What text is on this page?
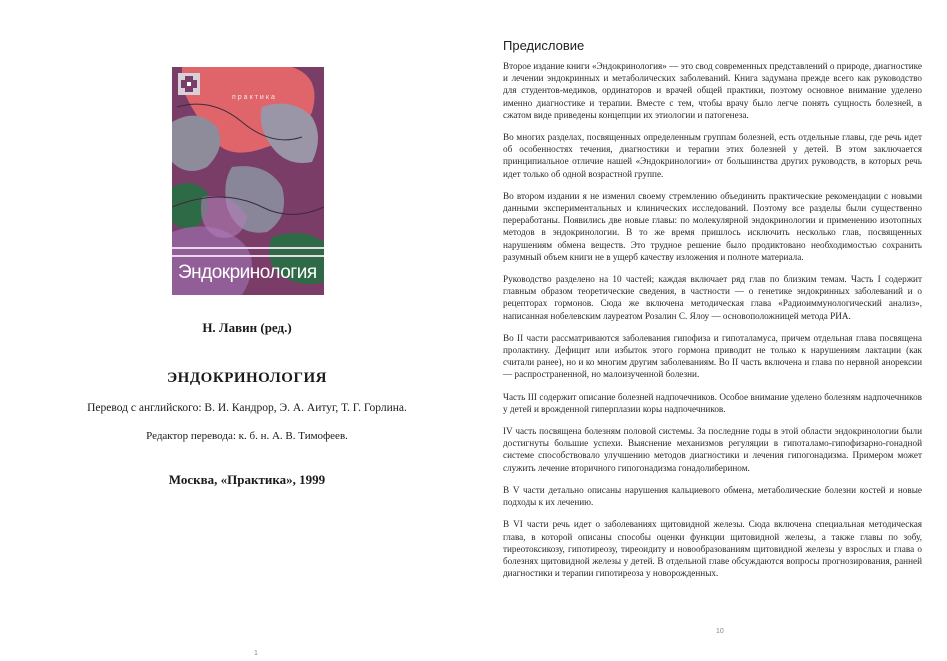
практика
Эндокринология
Н. Лавин (ред.)
ЭНДОКРИНОЛОГИЯ
Перевод с английского: В. И. Кандрор, Э. А. Аитуг, Т. Г. Горлина.
Редактор перевода: к. б. н. А. В. Тимофеев.
Москва, «Практика», 1999
1
Предисловие

Второе издание книги «Эндокринология» — это свод современных представлений о природе, диагностике и лечении эндокринных и метаболических заболеваний. Книга задумана прежде всего как руководство для студентов-медиков, ординаторов и врачей общей практики, поэтому основное внимание уделено именно диагностике и терапии. Вместе с тем, чтобы врачу было легче понять сущность болезней, в сжатом виде приведены концепции их этиологии и патогенеза.

Во многих разделах, посвященных определенным группам болезней, есть отдельные главы, где речь идет об особенностях течения, диагностики и терапии этих болезней у детей. В этом заключается принципиальное отличие нашей «Эндокринологии» от большинства других руководств, в которых речь идет только об одной возрастной группе.

Во втором издании я не изменил своему стремлению объединить практические рекомендации с новыми данными экспериментальных и клинических исследований. Поэтому все разделы были существенно переработаны. Появились две новые главы: по молекулярной эндокринологии и применению изотопных методов в эндокринологии. В то же время пришлось исключить несколько глав, посвященных нарушениям обмена веществ. Это трудное решение было продиктовано необходимостью сохранить разумный объем книги не в ущерб качеству изложения и полноте материала.

Руководство разделено на 10 частей; каждая включает ряд глав по близким темам. Часть I содержит главным образом теоретические сведения, в частности — о генетике эндокринных заболеваний и о рецепторах гормонов. Сюда же включена методическая глава «Радиоиммунологический анализ», написанная нобелевским лауреатом Розалин С. Ялоу — основоположницей метода РИА.

Во II части рассматриваются заболевания гипофиза и гипоталамуса, причем отдельная глава посвящена пролактину. Дефицит или избыток этого гормона приводит не только к нарушениям лактации (как считали ранее), но и ко многим другим заболеваниям. Во II часть включена и глава по нервной анорексии — распространенной, но малоизученной болезни.

Часть III содержит описание болезней надпочечников. Особое внимание уделено болезням надпочечников у детей и врожденной гиперплазии коры надпочечников.

IV часть посвящена болезням половой системы. За последние годы в этой области эндокринологии были достигнуты большие успехи. Выяснение механизмов регуляции в гипоталамо-гипофизарно-гонадной системе способствовало улучшению методов диагностики и лечения гипогонадизма. Примером может служить лечение вторичного гипогонадизма гонадолиберином.

В V части детально описаны нарушения кальциевого обмена, метаболические болезни костей и новые подходы к их лечению.

В VI части речь идет о заболеваниях щитовидной железы. Сюда включена специальная методическая глава, в которой описаны способы оценки функции щитовидной железы, а также главы по зобу, тиреотоксикозу, гипотиреозу, тиреоидиту и новообразованиям щитовидной железы у взрослых и глава о болезнях щитовидной железы у детей. В отдельной главе обсуждаются вопросы прогнозирования, ранней диагностики и терапии гипотиреоза у новорожденных.

10
